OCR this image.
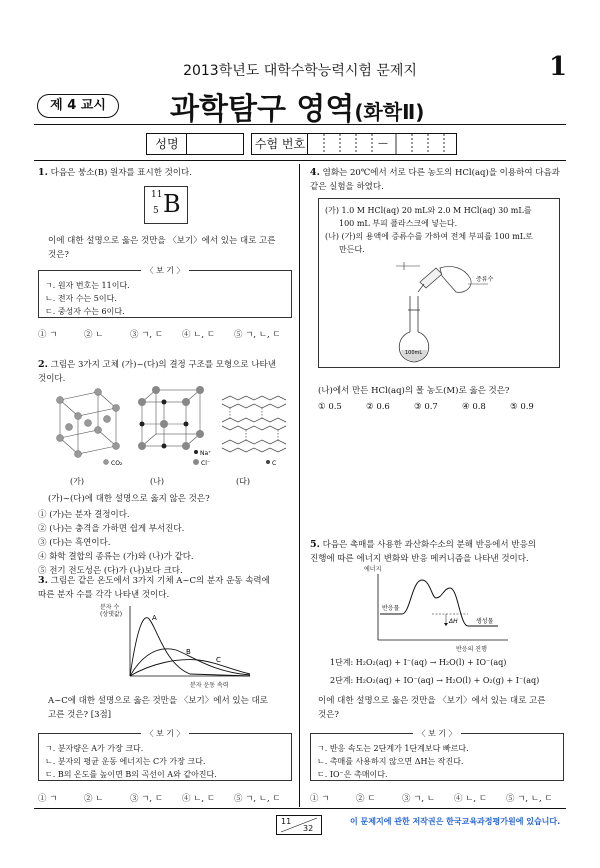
2013학년도 대학수학능력시험 문제지	1
제 4 교시	과학탐구 영역(화학Ⅱ)
성명	수험 번호	—
1. 다음은 붕소(B) 원자를 표시한 것이다.
11
5 B
이에 대한 설명으로 옳은 것만을 〈보기〉에서 있는 대로 고른
것은?
〈 보 기 〉
ㄱ. 원자 번호는 11이다.
ㄴ. 전자 수는 5이다.
ㄷ. 중성자 수는 6이다.
① ㄱ	② ㄴ	③ ㄱ, ㄷ ④ ㄴ, ㄷ ⑤ ㄱ, ㄴ, ㄷ
2. 그림은 3가지 고체 (가)~(다)의 결정 구조를 모형으로 나타낸
것이다.
CO₂
Na⁺
Cl⁻	C
(가)	(나)	(다)
(가)~(다)에 대한 설명으로 옳지 않은 것은?
① (가)는 분자 결정이다.
② (나)는 충격을 가하면 쉽게 부서진다.
③ (다)는 흑연이다.
④ 화학 결합의 종류는 (가)와 (나)가 같다.
⑤ 전기 전도성은 (다)가 (나)보다 크다.
3. 그림은 같은 온도에서 3가지 기체 A~C의 분자 운동 속력에
따른 분자 수를 각각 나타낸 것이다.
A
B
C
분자 수
(상댓값)
분자 운동 속력
A~C에 대한 설명으로 옳은 것만을 〈보기〉에서 있는 대로
고른 것은? [3점]
〈 보 기 〉
ㄱ. 분자량은 A가 가장 크다.
ㄴ. 분자의 평균 운동 에너지는 C가 가장 크다.
ㄷ. B의 온도를 높이면 B의 곡선이 A와 같아진다.
① ㄱ	② ㄴ	③ ㄱ, ㄷ ④ ㄴ, ㄷ ⑤ ㄱ, ㄴ, ㄷ
4. 염화는 20℃에서 서로 다른 농도의 HCl(aq)을 이용하여 다음과
같은 실험을 하였다.
(가) 1.0 M HCl(aq) 20 mL와 2.0 M HCl(aq) 30 mL를
100 mL 부피 플라스크에 넣는다.
(나) (가)의 용액에 증류수를 가하여 전체 부피를 100 mL로
만든다.
증류수
100mL
(나)에서 만든 HCl(aq)의 몰 농도(M)로 옳은 것은?
① 0.5	② 0.6	③ 0.7	④ 0.8	⑤ 0.9
5. 다음은 촉매를 사용한 과산화수소의 분해 반응에서 반응의
진행에 따른 에너지 변화와 반응 메커니즘을 나타낸 것이다.
반응물
생성물
ΔH
에너지
반응의 진행
1단계: H₂O₂(aq) + I⁻(aq) → H₂O(l) + IO⁻(aq)
2단계: H₂O₂(aq) + IO⁻(aq) → H₂O(l) + O₂(g) + I⁻(aq)
이에 대한 설명으로 옳은 것만을 〈보기〉에서 있는 대로 고른
것은?
〈 보 기 〉
ㄱ. 반응 속도는 2단계가 1단계보다 빠르다.
ㄴ. 촉매를 사용하지 않으면 ΔH는 작진다.
ㄷ. IO⁻은 촉매이다.
① ㄱ	② ㄷ	③ ㄱ, ㄴ ④ ㄴ, ㄷ ⑤ ㄱ, ㄴ, ㄷ
11
32
이 문제지에 관한 저작권은 한국교육과정평가원에 있습니다.
